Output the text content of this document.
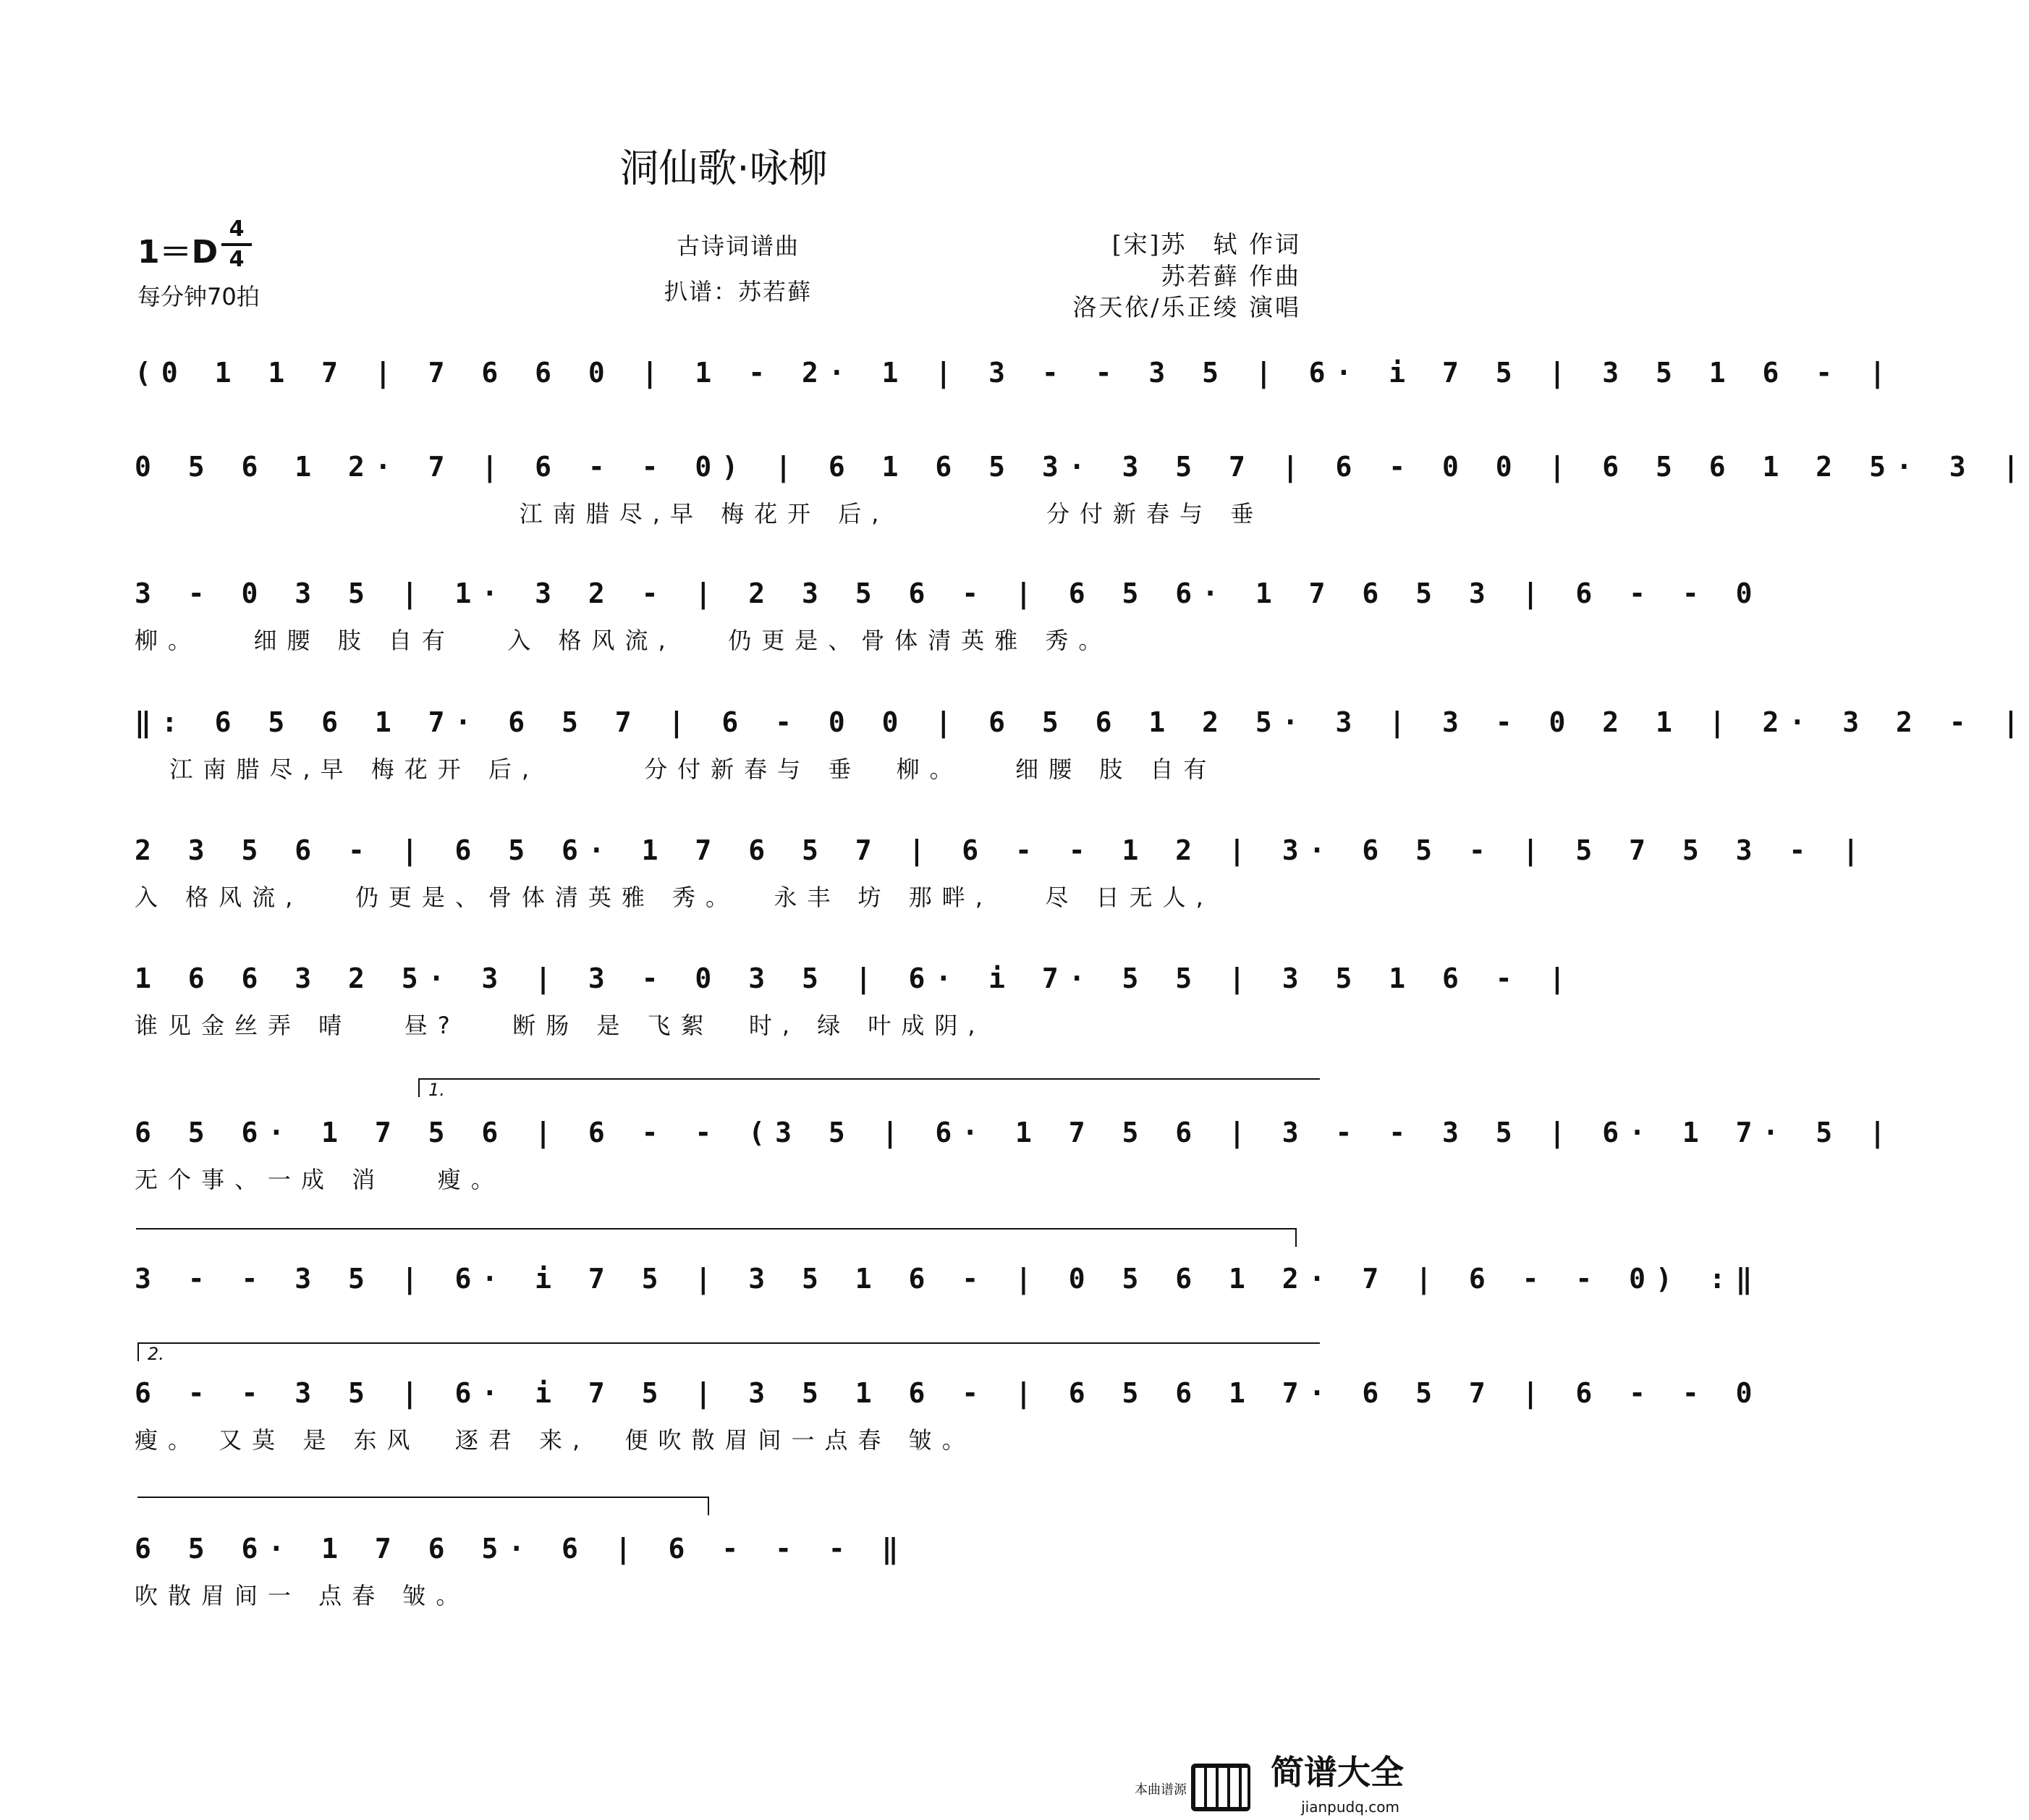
洞仙歌·咏柳
1＝D
4
4
每分钟70拍
古诗词谱曲
扒谱：苏若藓
[宋]苏　轼 作词
苏若藓 作曲
洛天依/乐正绫 演唱
(0 1 1 7 | 7 6 6 0 | 1 - 2· 1 | 3 - - 3 5 | 6· i 7 5 | 3 5 1 6 - |
0 5 6 1 2· 7 | 6 - - 0) | 6 1 6 5 3· 3 5 7 | 6 - 0 0 | 6 5 6 1 2 5· 3 |
江南腊尽,早 梅花开 后,         分付新春与 垂
3 - 0 3 5 | 1· 3 2 - | 2 3 5 6 - | 6 5 6· 1 7 6 5 3 | 6 - - 0
柳。   细腰 肢 自有   入 格风流,   仍更是、骨体清英雅 秀。
‖: 6 5 6 1 7· 6 5 7 | 6 - 0 0 | 6 5 6 1 2 5· 3 | 3 - 0 2 1 | 2· 3 2 - |
江南腊尽,早 梅花开 后,      分付新春与 垂  柳。   细腰 肢 自有
2 3 5 6 - | 6 5 6· 1 7 6 5 7 | 6 - - 1 2 | 3· 6 5 - | 5 7 5 3 - |
入 格风流,   仍更是、骨体清英雅 秀。  永丰 坊 那畔,   尽 日无人,
1 6 6 3 2 5· 3 | 3 - 0 3 5 | 6· i 7· 5 5 | 3 5 1 6 - |
谁见金丝弄 晴   昼?   断肠 是 飞絮  时, 绿 叶成阴,
1.
6 5 6· 1 7 5 6 | 6 - - (3 5 | 6· 1 7 5 6 | 3 - - 3 5 | 6· 1 7· 5 |
无个事、一成 消   瘦。
3 - - 3 5 | 6· i 7 5 | 3 5 1 6 - | 0 5 6 1 2· 7 | 6 - - 0) :‖
2.
6 - - 3 5 | 6· i 7 5 | 3 5 1 6 - | 6 5 6 1 7· 6 5 7 | 6 - - 0
瘦。 又莫 是 东风  逐君 来,  便吹散眉间一点春 皱。
6 5 6· 1 7 6 5· 6 | 6 - - - ‖
吹散眉间一 点春 皱。
本曲谱源	简谱大全
jianpudq.com
